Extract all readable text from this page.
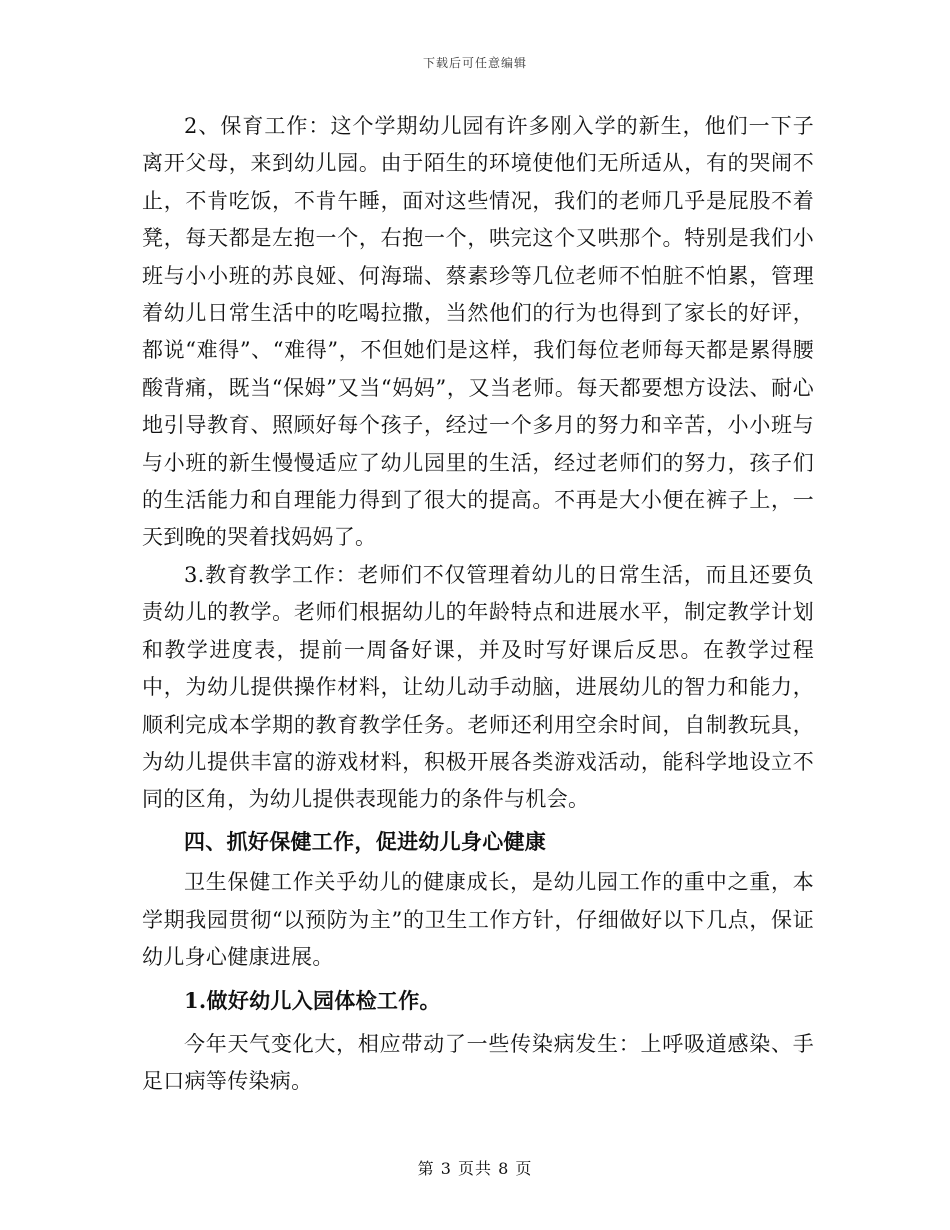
下载后可任意编辑

2、保育工作：这个学期幼儿园有许多刚入学的新生，他们一下子离开父母，来到幼儿园。由于陌生的环境使他们无所适从，有的哭闹不止，不肯吃饭，不肯午睡，面对这些情况，我们的老师几乎是屁股不着凳，每天都是左抱一个，右抱一个，哄完这个又哄那个。特别是我们小班与小小班的苏良娅、何海瑞、蔡素珍等几位老师不怕脏不怕累，管理着幼儿日常生活中的吃喝拉撒，当然他们的行为也得到了家长的好评，都说“难得”、“难得”，不但她们是这样，我们每位老师每天都是累得腰酸背痛，既当“保姆”又当“妈妈”，又当老师。每天都要想方设法、耐心地引导教育、照顾好每个孩子，经过一个多月的努力和辛苦，小小班与与小班的新生慢慢适应了幼儿园里的生活，经过老师们的努力，孩子们的生活能力和自理能力得到了很大的提高。不再是大小便在裤子上，一天到晚的哭着找妈妈了。

3.教育教学工作：老师们不仅管理着幼儿的日常生活，而且还要负责幼儿的教学。老师们根据幼儿的年龄特点和进展水平，制定教学计划和教学进度表，提前一周备好课，并及时写好课后反思。在教学过程中，为幼儿提供操作材料，让幼儿动手动脑，进展幼儿的智力和能力，顺利完成本学期的教育教学任务。老师还利用空余时间，自制教玩具，为幼儿提供丰富的游戏材料，积极开展各类游戏活动，能科学地设立不同的区角，为幼儿提供表现能力的条件与机会。

四、抓好保健工作，促进幼儿身心健康

卫生保健工作关乎幼儿的健康成长，是幼儿园工作的重中之重，本学期我园贯彻“以预防为主”的卫生工作方针，仔细做好以下几点，保证幼儿身心健康进展。

1.做好幼儿入园体检工作。

今年天气变化大，相应带动了一些传染病发生：上呼吸道感染、手足口病等传染病。

第 3 页共 8 页
